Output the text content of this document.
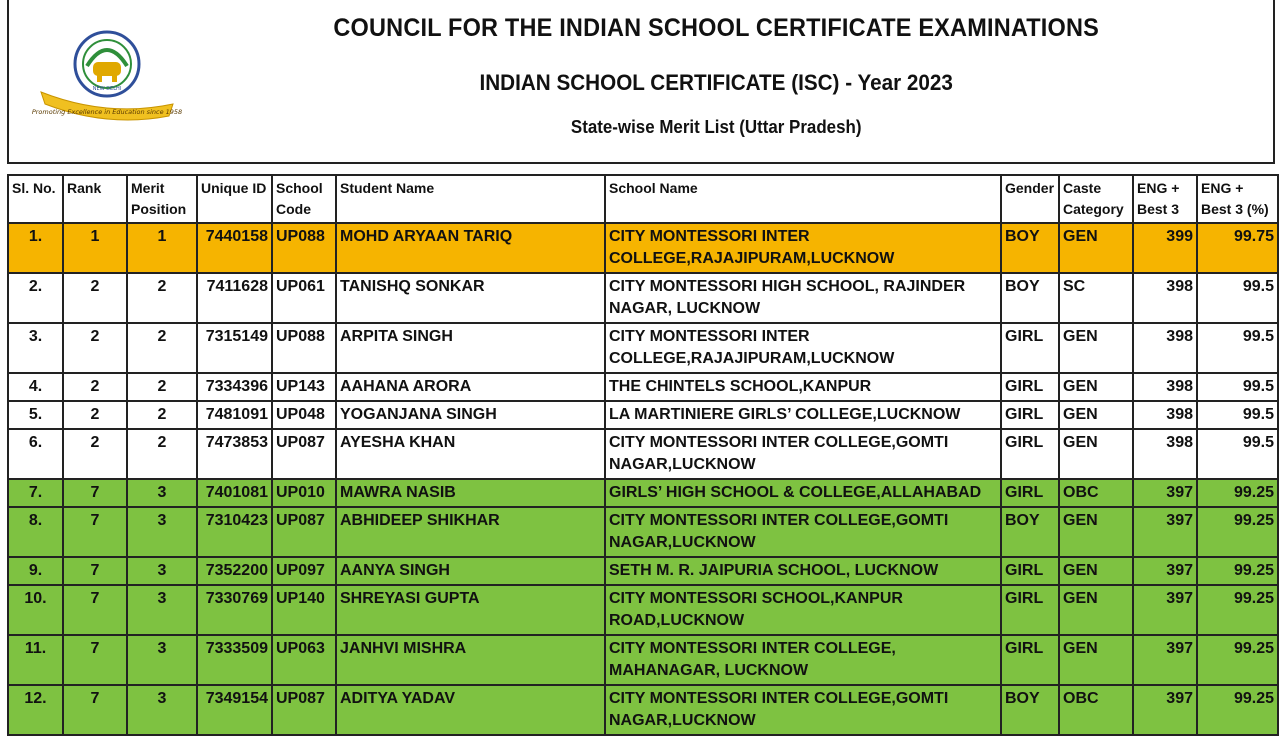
Promoting Excellence in Education since 1958
NEW DELHI
COUNCIL FOR THE INDIAN SCHOOL CERTIFICATE EXAMINATIONS
INDIAN SCHOOL CERTIFICATE (ISC) - Year 2023
State-wise Merit List (Uttar Pradesh)
Sl. No.	Rank	Merit Position	Unique ID	School Code	Student Name	School Name	Gender	Caste Category	ENG + Best 3	ENG + Best 3 (%)
1.	1	1	7440158	UP088	MOHD ARYAAN TARIQ	CITY MONTESSORI INTER COLLEGE,RAJAJIPURAM,LUCKNOW	BOY	GEN	399	99.75
2.	2	2	7411628	UP061	TANISHQ SONKAR	CITY MONTESSORI HIGH SCHOOL, RAJINDER NAGAR, LUCKNOW	BOY	SC	398	99.5
3.	2	2	7315149	UP088	ARPITA SINGH	CITY MONTESSORI INTER COLLEGE,RAJAJIPURAM,LUCKNOW	GIRL	GEN	398	99.5
4.	2	2	7334396	UP143	AAHANA ARORA	THE CHINTELS SCHOOL,KANPUR	GIRL	GEN	398	99.5
5.	2	2	7481091	UP048	YOGANJANA SINGH	LA MARTINIERE GIRLS’ COLLEGE,LUCKNOW	GIRL	GEN	398	99.5
6.	2	2	7473853	UP087	AYESHA KHAN	CITY MONTESSORI INTER COLLEGE,GOMTI NAGAR,LUCKNOW	GIRL	GEN	398	99.5
7.	7	3	7401081	UP010	MAWRA NASIB	GIRLS’ HIGH SCHOOL & COLLEGE,ALLAHABAD	GIRL	OBC	397	99.25
8.	7	3	7310423	UP087	ABHIDEEP SHIKHAR	CITY MONTESSORI INTER COLLEGE,GOMTI NAGAR,LUCKNOW	BOY	GEN	397	99.25
9.	7	3	7352200	UP097	AANYA SINGH	SETH M. R. JAIPURIA SCHOOL, LUCKNOW	GIRL	GEN	397	99.25
10.	7	3	7330769	UP140	SHREYASI GUPTA	CITY MONTESSORI SCHOOL,KANPUR ROAD,LUCKNOW	GIRL	GEN	397	99.25
11.	7	3	7333509	UP063	JANHVI MISHRA	CITY MONTESSORI INTER COLLEGE, MAHANAGAR, LUCKNOW	GIRL	GEN	397	99.25
12.	7	3	7349154	UP087	ADITYA YADAV	CITY MONTESSORI INTER COLLEGE,GOMTI NAGAR,LUCKNOW	BOY	OBC	397	99.25
